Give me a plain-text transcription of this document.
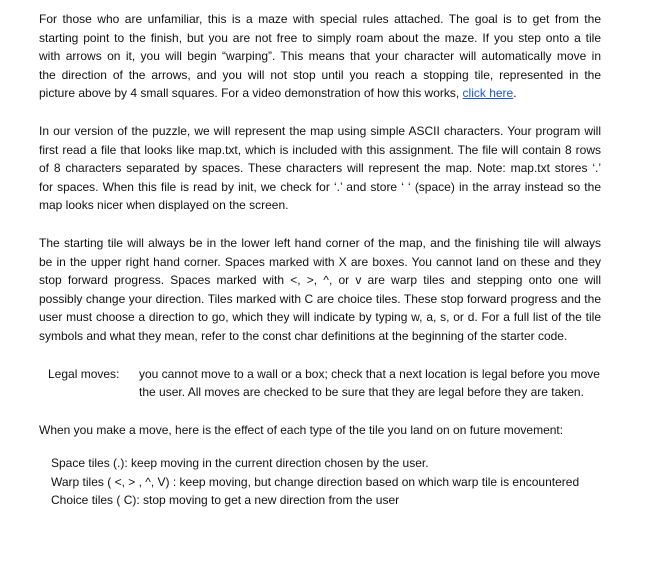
For those who are unfamiliar, this is a maze with special rules attached. The goal is to get from the
starting point to the finish, but you are not free to simply roam about the maze. If you step onto a tile
with arrows on it, you will begin “warping”. This means that your character will automatically move in
the direction of the arrows, and you will not stop until you reach a stopping tile, represented in the
picture above by 4 small squares. For a video demonstration of how this works, click here.
In our version of the puzzle, we will represent the map using simple ASCII characters. Your program will
first read a file that looks like map.txt, which is included with this assignment. The file will contain 8 rows
of 8 characters separated by spaces. These characters will represent the map. Note: map.txt stores ‘.’
for spaces. When this file is read by init, we check for ‘.’ and store ‘ ‘ (space) in the array instead so the
map looks nicer when displayed on the screen.
The starting tile will always be in the lower left hand corner of the map, and the finishing tile will always
be in the upper right hand corner. Spaces marked with X are boxes. You cannot land on these and they
stop forward progress. Spaces marked with <, >, ^, or v are warp tiles and stepping onto one will
possibly change your direction. Tiles marked with C are choice tiles. These stop forward progress and the
user must choose a direction to go, which they will indicate by typing w, a, s, or d. For a full list of the tile
symbols and what they mean, refer to the const char definitions at the beginning of the starter code.
Legal moves:	you cannot move to a wall or a box; check that a next location is legal before you move
the user. All moves are checked to be sure that they are legal before they are taken.
When you make a move, here is the effect of each type of the tile you land on on future movement:
Space tiles (.): keep moving in the current direction chosen by the user.
Warp tiles ( <, > , ^, V) : keep moving, but change direction based on which warp tile is encountered
Choice tiles ( C): stop moving to get a new direction from the user
